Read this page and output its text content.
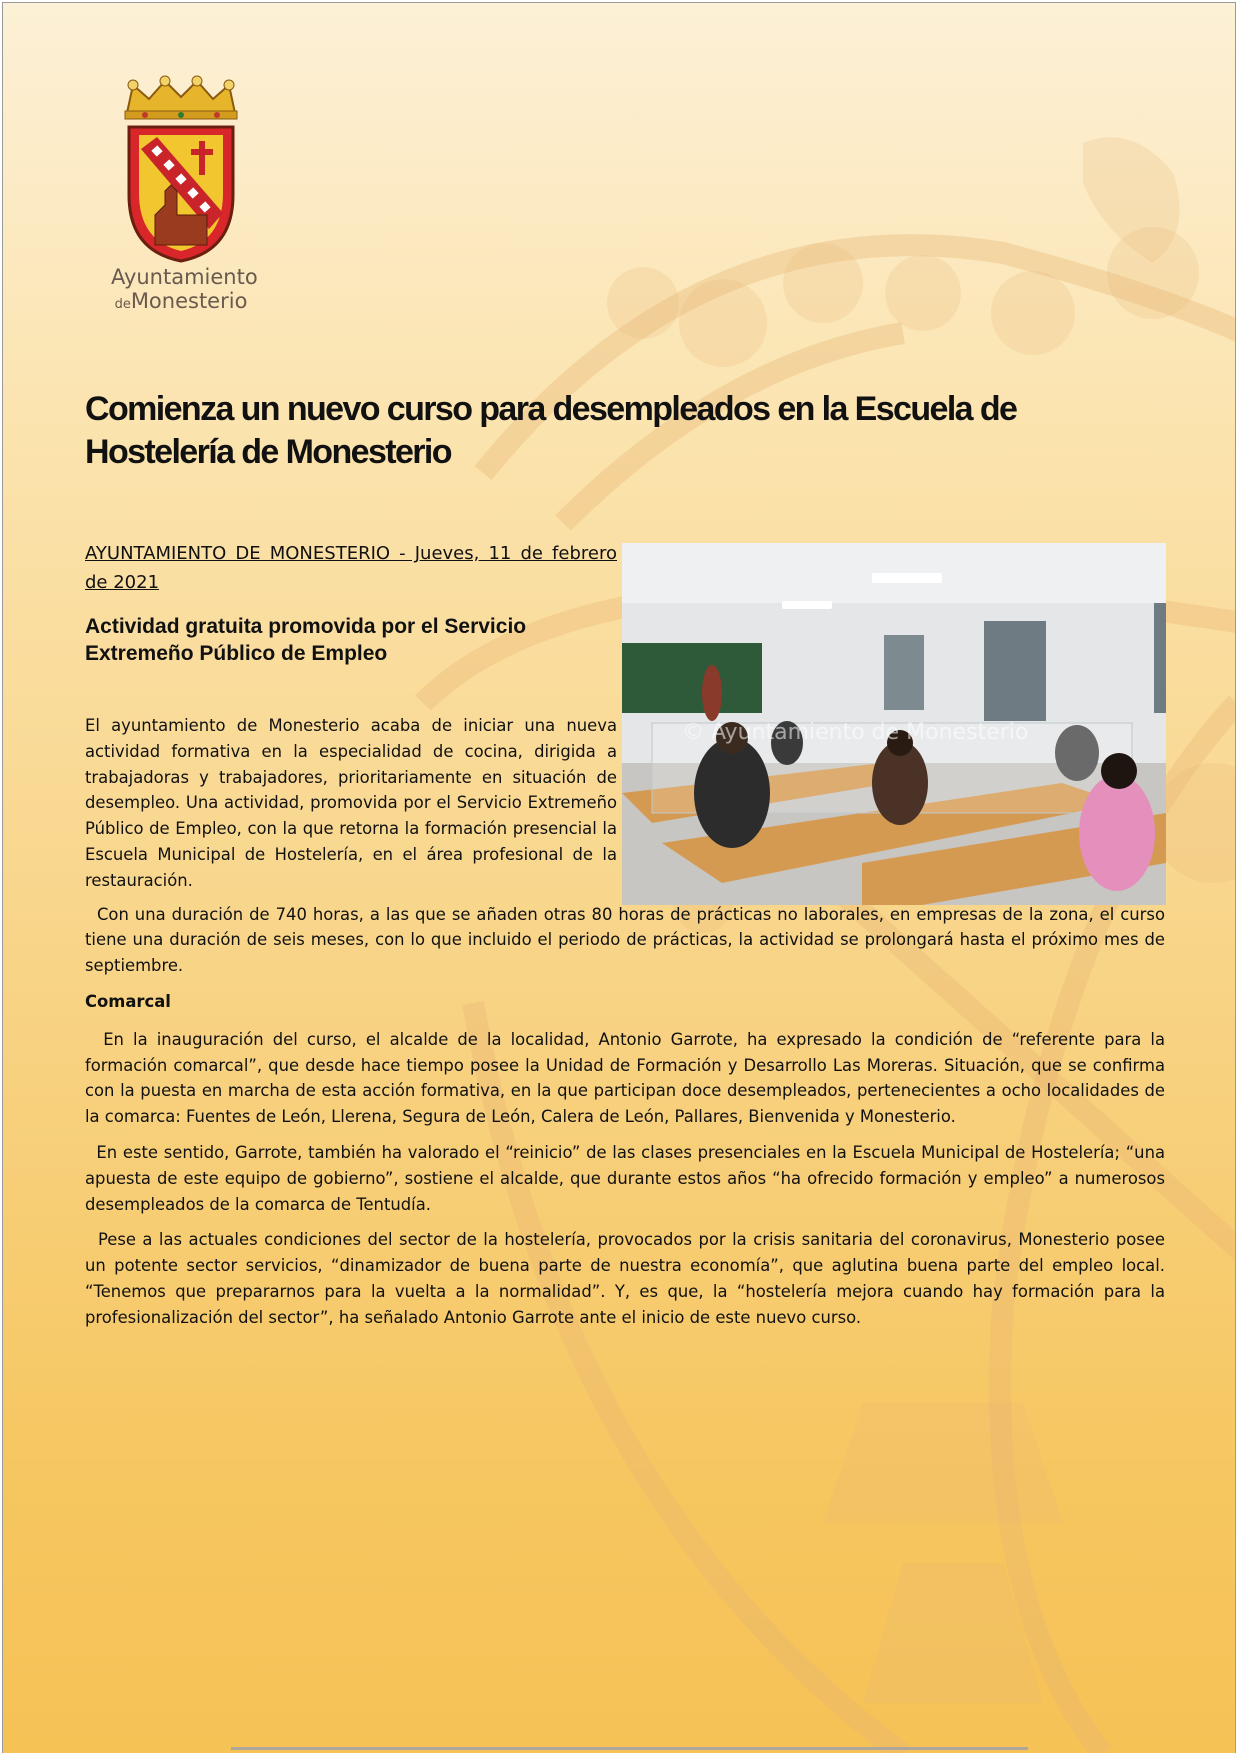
Ayuntamiento
deMonesterio
Comienza un nuevo curso para desempleados en la Escuela de Hostelería de Monesterio

AYUNTAMIENTO DE MONESTERIO - Jueves, 11 de febrero de 2021

Actividad gratuita promovida por el Servicio Extremeño Público de Empleo

© Ayuntamiento de Monesterio

El ayuntamiento de Monesterio acaba de iniciar una nueva actividad formativa en la especialidad de cocina, dirigida a trabajadoras y trabajadores, prioritariamente en situación de desempleo. Una actividad, promovida por el Servicio Extremeño Público de Empleo, con la que retorna la formación presencial la Escuela Municipal de Hostelería, en el área profesional de la restauración.

Con una duración de 740 horas, a las que se añaden otras 80 horas de prácticas no laborales, en empresas de la zona, el curso tiene una duración de seis meses, con lo que incluido el periodo de prácticas, la actividad se prolongará hasta el próximo mes de septiembre.

Comarcal

En la inauguración del curso, el alcalde de la localidad, Antonio Garrote, ha expresado la condición de “referente para la formación comarcal”, que desde hace tiempo posee la Unidad de Formación y Desarrollo Las Moreras. Situación, que se confirma con la puesta en marcha de esta acción formativa, en la que participan doce desempleados, pertenecientes a ocho localidades de la comarca: Fuentes de León, Llerena, Segura de León, Calera de León, Pallares, Bienvenida y Monesterio.

En este sentido, Garrote, también ha valorado el “reinicio” de las clases presenciales en la Escuela Municipal de Hostelería; “una apuesta de este equipo de gobierno”, sostiene el alcalde, que durante estos años “ha ofrecido formación y empleo” a numerosos desempleados de la comarca de Tentudía.

Pese a las actuales condiciones del sector de la hostelería, provocados por la crisis sanitaria del coronavirus, Monesterio posee un potente sector servicios, “dinamizador de buena parte de nuestra economía”, que aglutina buena parte del empleo local. “Tenemos que prepararnos para la vuelta a la normalidad”. Y, es que, la “hostelería mejora cuando hay formación para la profesionalización del sector”, ha señalado Antonio Garrote ante el inicio de este nuevo curso.
